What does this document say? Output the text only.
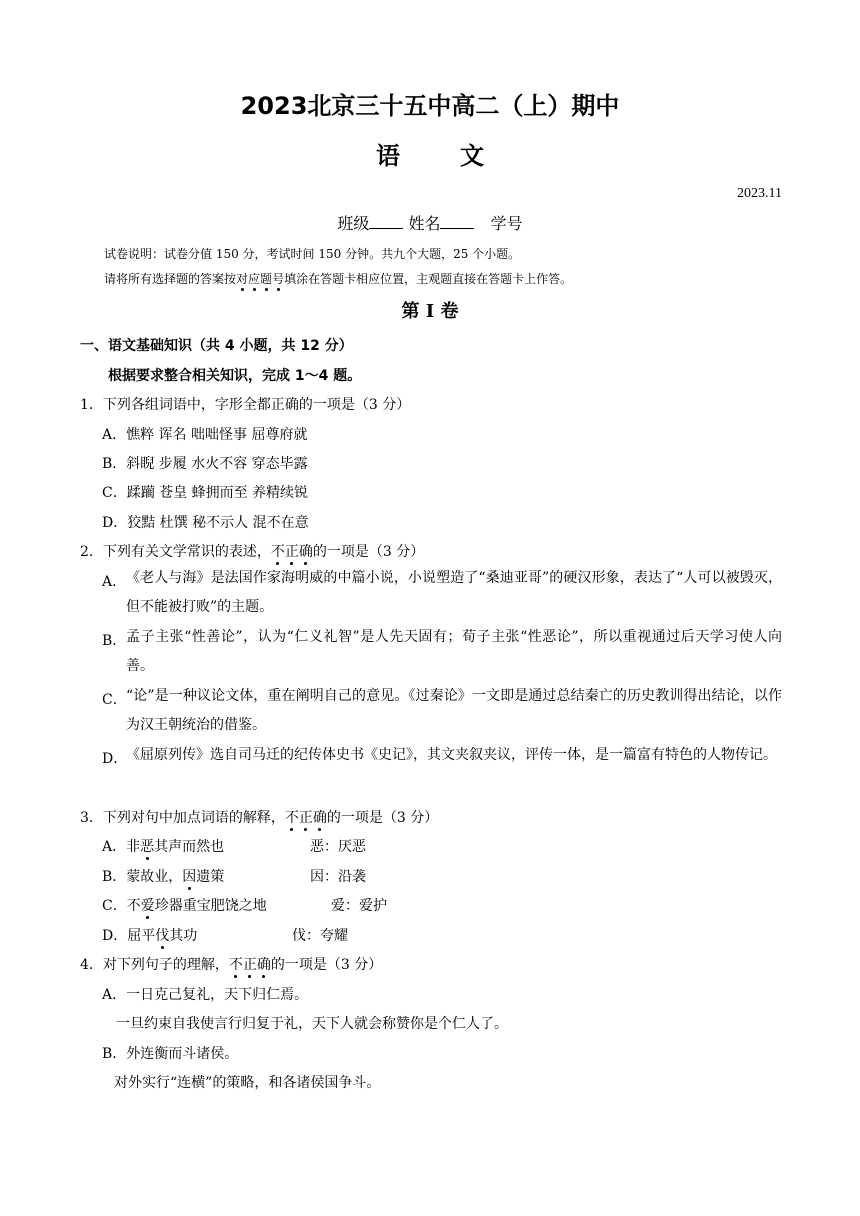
2023北京三十五中高二（上）期中
语	文
2023.11
班级 姓名	学号
试卷说明：试卷分值 150 分，考试时间 150 分钟。共九个大题，25 个小题。
请将所有选择题的答案按对应题号填涂在答题卡相应位置，主观题直接在答题卡上作答。
第 I 卷
一、语文基础知识（共 4 小题，共 12 分）
根据要求整合相关知识，完成 1～4 题。
1．下列各组词语中，字形全都正确的一项是（3 分）
A．憔粹 诨名 咄咄怪事 屈尊府就
B．斜睨 步履 水火不容 穿态毕露
C．蹂躏 苍皇 蜂拥而至 养精续锐
D．狡黠 杜馔 秘不示人 混不在意
2．下列有关文学常识的表述，不正确的一项是（3 分）
A． 《老人与海》是法国作家海明威的中篇小说，小说塑造了“桑迪亚哥”的硬汉形象，表达了“人可以被毁灭，但不能被打败”的主题。
B． 孟子主张“性善论”，认为“仁义礼智”是人先天固有；荀子主张“性恶论”，所以重视通过后天学习使人向善。
C． “论”是一种议论文体，重在阐明自己的意见。《过秦论》一文即是通过总结秦亡的历史教训得出结论，以作为汉王朝统治的借鉴。
D．
《屈原列传》选自司马迁的纪传体史书《史记》，其文夹叙夹议，评传一体，是一篇富有特色的人物传记。
3．下列对句中加点词语的解释，不正确的一项是（3 分）
A．非恶其声而然也	恶：厌恶
B．蒙故业，因遗策	因：沿袭
C．不爱珍器重宝肥饶之地	爱：爱护
D．屈平伐其功	伐：夸耀
4．对下列句子的理解，不正确的一项是（3 分）
A．一日克己复礼，天下归仁焉。
一旦约束自我使言行归复于礼，天下人就会称赞你是个仁人了。
B．外连衡而斗诸侯。
对外实行“连横”的策略，和各诸侯国争斗。
